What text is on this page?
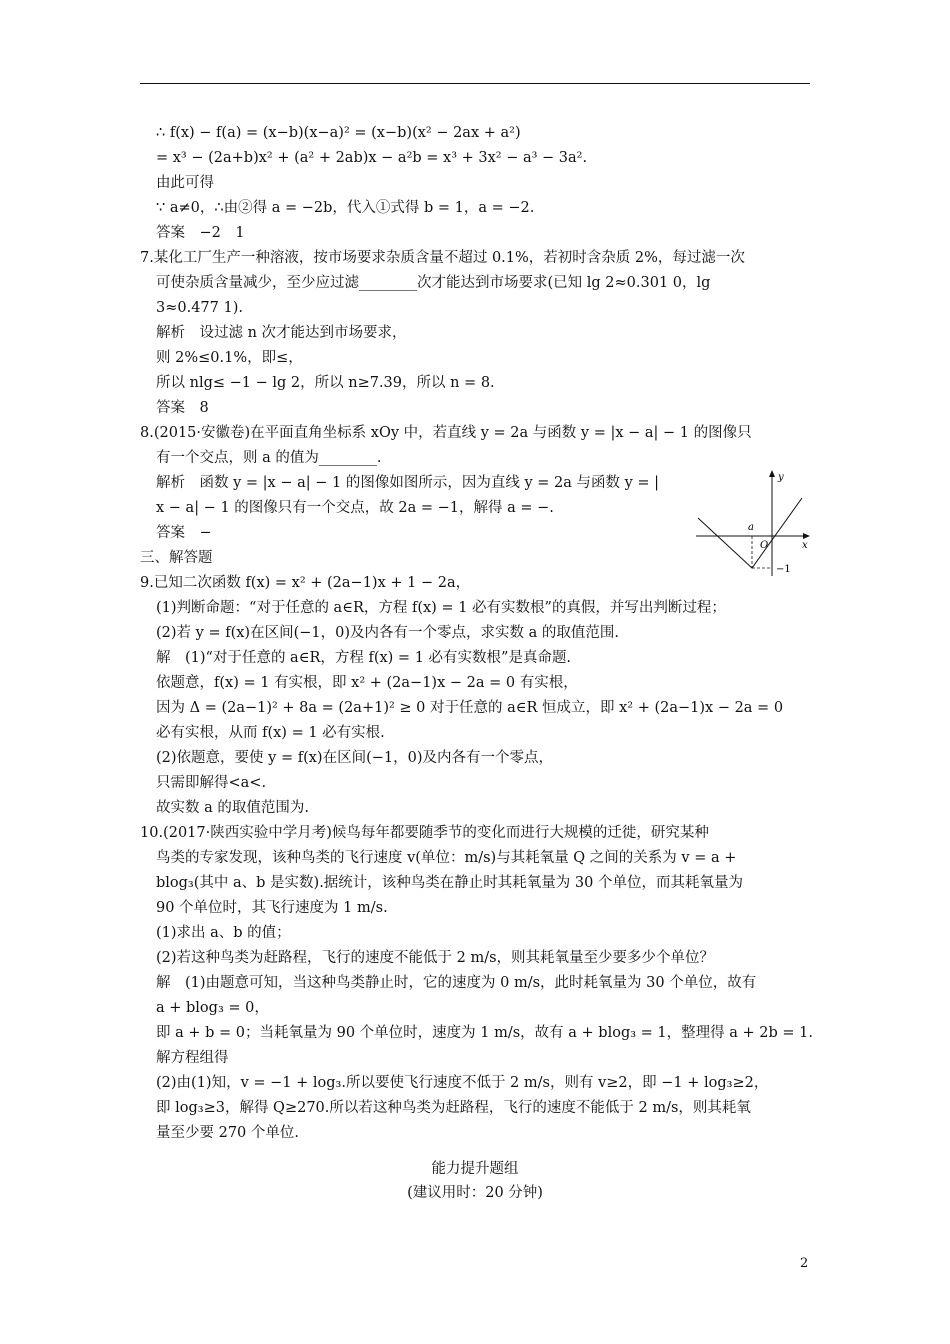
∴ f(x) − f(a) = (x−b)(x−a)² = (x−b)(x² − 2ax + a²)
= x³ − (2a+b)x² + (a² + 2ab)x − a²b = x³ + 3x² − a³ − 3a².
由此可得
∵ a≠0，∴由②得 a = −2b，代入①式得 b = 1，a = −2.
答案　−2　1
7.某化工厂生产一种溶液，按市场要求杂质含量不超过 0.1%，若初时含杂质 2%，每过滤一次
可使杂质含量减少，至少应过滤________次才能达到市场要求(已知 lg 2≈0.301 0，lg
3≈0.477 1).
解析　设过滤 n 次才能达到市场要求，
则 2%≤0.1%，即≤，
所以 nlg≤ −1 − lg 2，所以 n≥7.39，所以 n = 8.
答案　8
8.(2015·安徽卷)在平面直角坐标系 xOy 中，若直线 y = 2a 与函数 y = |x − a| − 1 的图像只
有一个交点，则 a 的值为________.
解析　函数 y = |x − a| − 1 的图像如图所示，因为直线 y = 2a 与函数 y = |
x − a| − 1 的图像只有一个交点，故 2a = −1，解得 a = −.
答案　−
三、解答题
9.已知二次函数 f(x) = x² + (2a−1)x + 1 − 2a，
(1)判断命题：“对于任意的 a∈R，方程 f(x) = 1 必有实数根”的真假，并写出判断过程；
(2)若 y = f(x)在区间(−1，0)及内各有一个零点，求实数 a 的取值范围.
解　(1)“对于任意的 a∈R，方程 f(x) = 1 必有实数根”是真命题.
依题意，f(x) = 1 有实根，即 x² + (2a−1)x − 2a = 0 有实根，
因为 Δ = (2a−1)² + 8a = (2a+1)² ≥ 0 对于任意的 a∈R 恒成立，即 x² + (2a−1)x − 2a = 0
必有实根，从而 f(x) = 1 必有实根.
(2)依题意，要使 y = f(x)在区间(−1，0)及内各有一个零点，
只需即解得<a<.
故实数 a 的取值范围为.
10.(2017·陕西实验中学月考)候鸟每年都要随季节的变化而进行大规模的迁徙，研究某种
鸟类的专家发现，该种鸟类的飞行速度 v(单位：m/s)与其耗氧量 Q 之间的关系为 v = a +
blog₃(其中 a、b 是实数).据统计，该种鸟类在静止时其耗氧量为 30 个单位，而其耗氧量为
90 个单位时，其飞行速度为 1 m/s.
(1)求出 a、b 的值；
(2)若这种鸟类为赶路程，飞行的速度不能低于 2 m/s，则其耗氧量至少要多少个单位？
解　(1)由题意可知，当这种鸟类静止时，它的速度为 0 m/s，此时耗氧量为 30 个单位，故有
a + blog₃ = 0，
即 a + b = 0；当耗氧量为 90 个单位时，速度为 1 m/s，故有 a + blog₃ = 1，整理得 a + 2b = 1.
解方程组得
(2)由(1)知，v = −1 + log₃.所以要使飞行速度不低于 2 m/s，则有 v≥2，即 −1 + log₃≥2，
即 log₃≥3，解得 Q≥270.所以若这种鸟类为赶路程，飞行的速度不能低于 2 m/s，则其耗氧
量至少要 270 个单位.
能力提升题组
(建议用时：20 分钟)
y
x
a
O
−1
2
